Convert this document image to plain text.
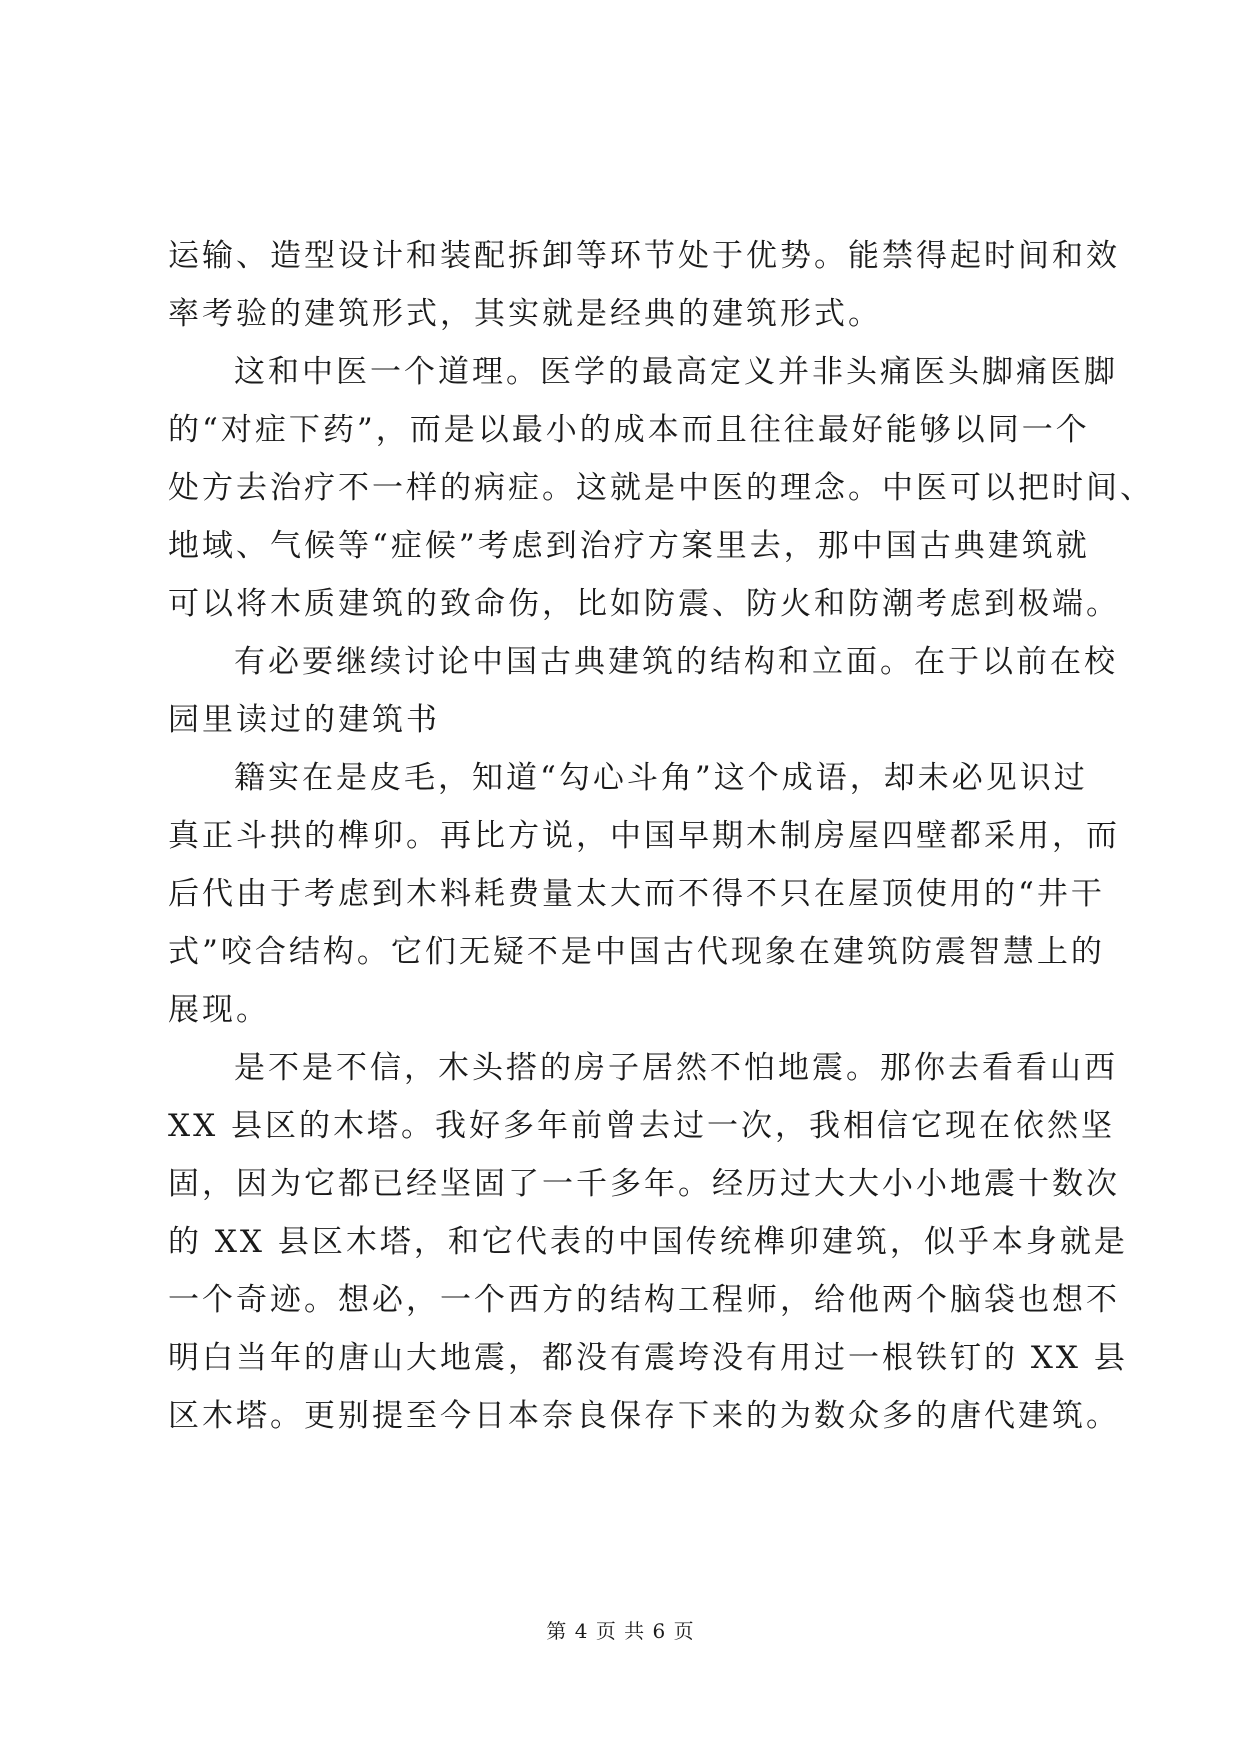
运输、造型设计和装配拆卸等环节处于优势。能禁得起时间和效
率考验的建筑形式，其实就是经典的建筑形式。
这和中医一个道理。医学的最高定义并非头痛医头脚痛医脚
的“对症下药”，而是以最小的成本而且往往最好能够以同一个
处方去治疗不一样的病症。这就是中医的理念。中医可以把时间、
地域、气候等“症候”考虑到治疗方案里去，那中国古典建筑就
可以将木质建筑的致命伤，比如防震、防火和防潮考虑到极端。
有必要继续讨论中国古典建筑的结构和立面。在于以前在校
园里读过的建筑书
籍实在是皮毛，知道“勾心斗角”这个成语，却未必见识过
真正斗拱的榫卯。再比方说，中国早期木制房屋四壁都采用，而
后代由于考虑到木料耗费量太大而不得不只在屋顶使用的“井干
式”咬合结构。它们无疑不是中国古代现象在建筑防震智慧上的
展现。
是不是不信，木头搭的房子居然不怕地震。那你去看看山西
XX 县区的木塔。我好多年前曾去过一次，我相信它现在依然坚
固，因为它都已经坚固了一千多年。经历过大大小小地震十数次
的 XX 县区木塔，和它代表的中国传统榫卯建筑，似乎本身就是
一个奇迹。想必，一个西方的结构工程师，给他两个脑袋也想不
明白当年的唐山大地震，都没有震垮没有用过一根铁钉的 XX 县
区木塔。更别提至今日本奈良保存下来的为数众多的唐代建筑。
第 4 页 共 6 页
